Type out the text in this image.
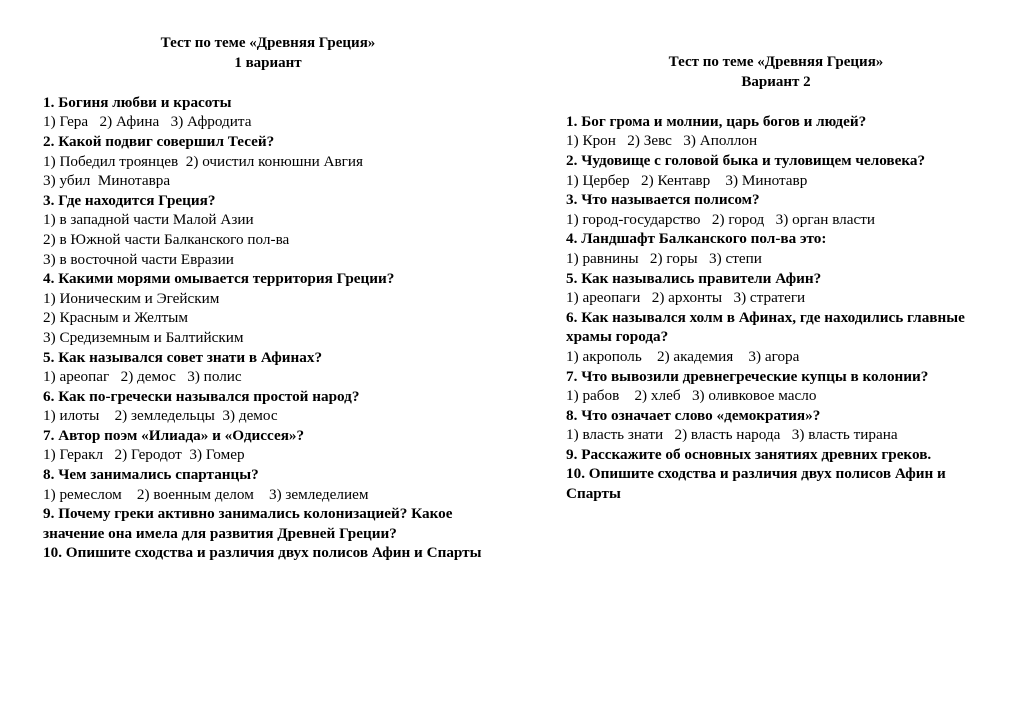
Тест по теме «Древняя Греция»

1 вариант

1. Богиня любви и красоты

1) Гера   2) Афина   3) Афродита

2. Какой подвиг совершил Тесей?

1) Победил троянцев  2) очистил конюшни Авгия

3) убил  Минотавра

3. Где находится Греция?

1) в западной части Малой Азии

2) в Южной части Балканского пол-ва

3) в восточной части Евразии

4. Какими морями омывается территория Греции?

1) Ионическим и Эгейским

2) Красным и Желтым

3) Средиземным и Балтийским

5. Как назывался совет знати в Афинах?

1) ареопаг   2) демос   3) полис

6. Как по-гречески назывался простой народ?

1) илоты    2) земледельцы  3) демос

7. Автор поэм «Илиада» и «Одиссея»?

1) Геракл   2) Геродот  3) Гомер

8. Чем занимались спартанцы?

1) ремеслом    2) военным делом    3) земледелием

9. Почему греки активно занимались колонизацией? Какое значение она имела для развития Древней Греции?

10. Опишите сходства и различия двух полисов Афин и Спарты

Тест по теме «Древняя Греция»

Вариант 2

1. Бог грома и молнии, царь богов и людей?

1) Крон   2) Зевс   3) Аполлон

2. Чудовище с головой быка и туловищем человека?

1) Цербер   2) Кентавр    3) Минотавр

3. Что называется полисом?

1) город-государство   2) город   3) орган власти

4. Ландшафт Балканского пол-ва это:

1) равнины   2) горы   3) степи

5. Как назывались правители Афин?

1) ареопаги   2) архонты   3) стратеги

6. Как назывался холм в Афинах, где находились главные храмы города?

1) акрополь    2) академия    3) агора

7. Что вывозили древнегреческие купцы в колонии?

1) рабов    2) хлеб   3) оливковое масло

8. Что означает слово «демократия»?

1) власть знати   2) власть народа   3) власть тирана

9. Расскажите об основных занятиях древних греков.

10. Опишите сходства и различия двух полисов Афин и Спарты
